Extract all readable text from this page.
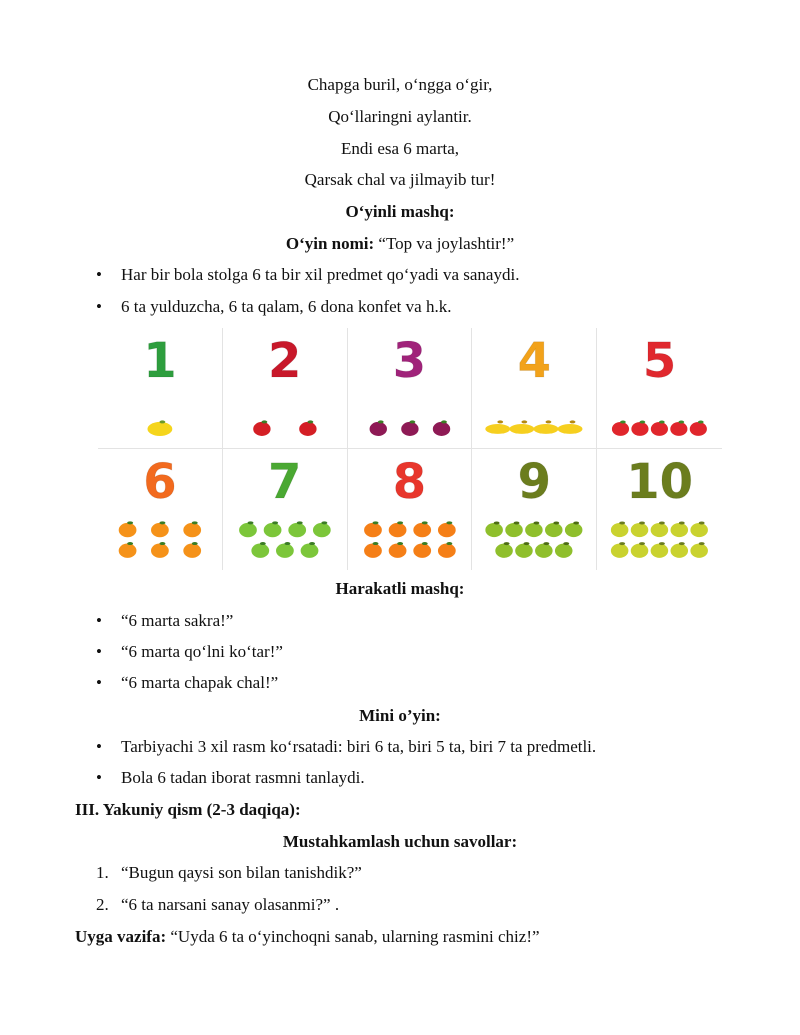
Chapga buril, o‘ngga o‘gir,
Qo‘llaringni aylantir.
Endi esa 6 marta,
Qarsak chal va jilmayib tur!
O‘yinli mashq:
O‘yin nomi: “Top va joylashtir!”
• Har bir bola stolga 6 ta bir xil predmet qo‘yadi va sanaydi.
• 6 ta yulduzcha, 6 ta qalam, 6 dona konfet va h.k.
1	2	3	4	5
6	7	8	9	10
Harakatli mashq:
• “6 marta sakra!”
• “6 marta qo‘lni ko‘tar!”
• “6 marta chapak chal!”
Mini o’yin:
• Tarbiyachi 3 xil rasm ko‘rsatadi: biri 6 ta, biri 5 ta, biri 7 ta predmetli.
• Bola 6 tadan iborat rasmni tanlaydi.
III. Yakuniy qism (2-3 daqiqa):
Mustahkamlash uchun savollar:
1. “Bugun qaysi son bilan tanishdik?”
2. “6 ta narsani sanay olasanmi?” .
Uyga vazifa: “Uyda 6 ta o‘yinchoqni sanab, ularning rasmini chiz!”
